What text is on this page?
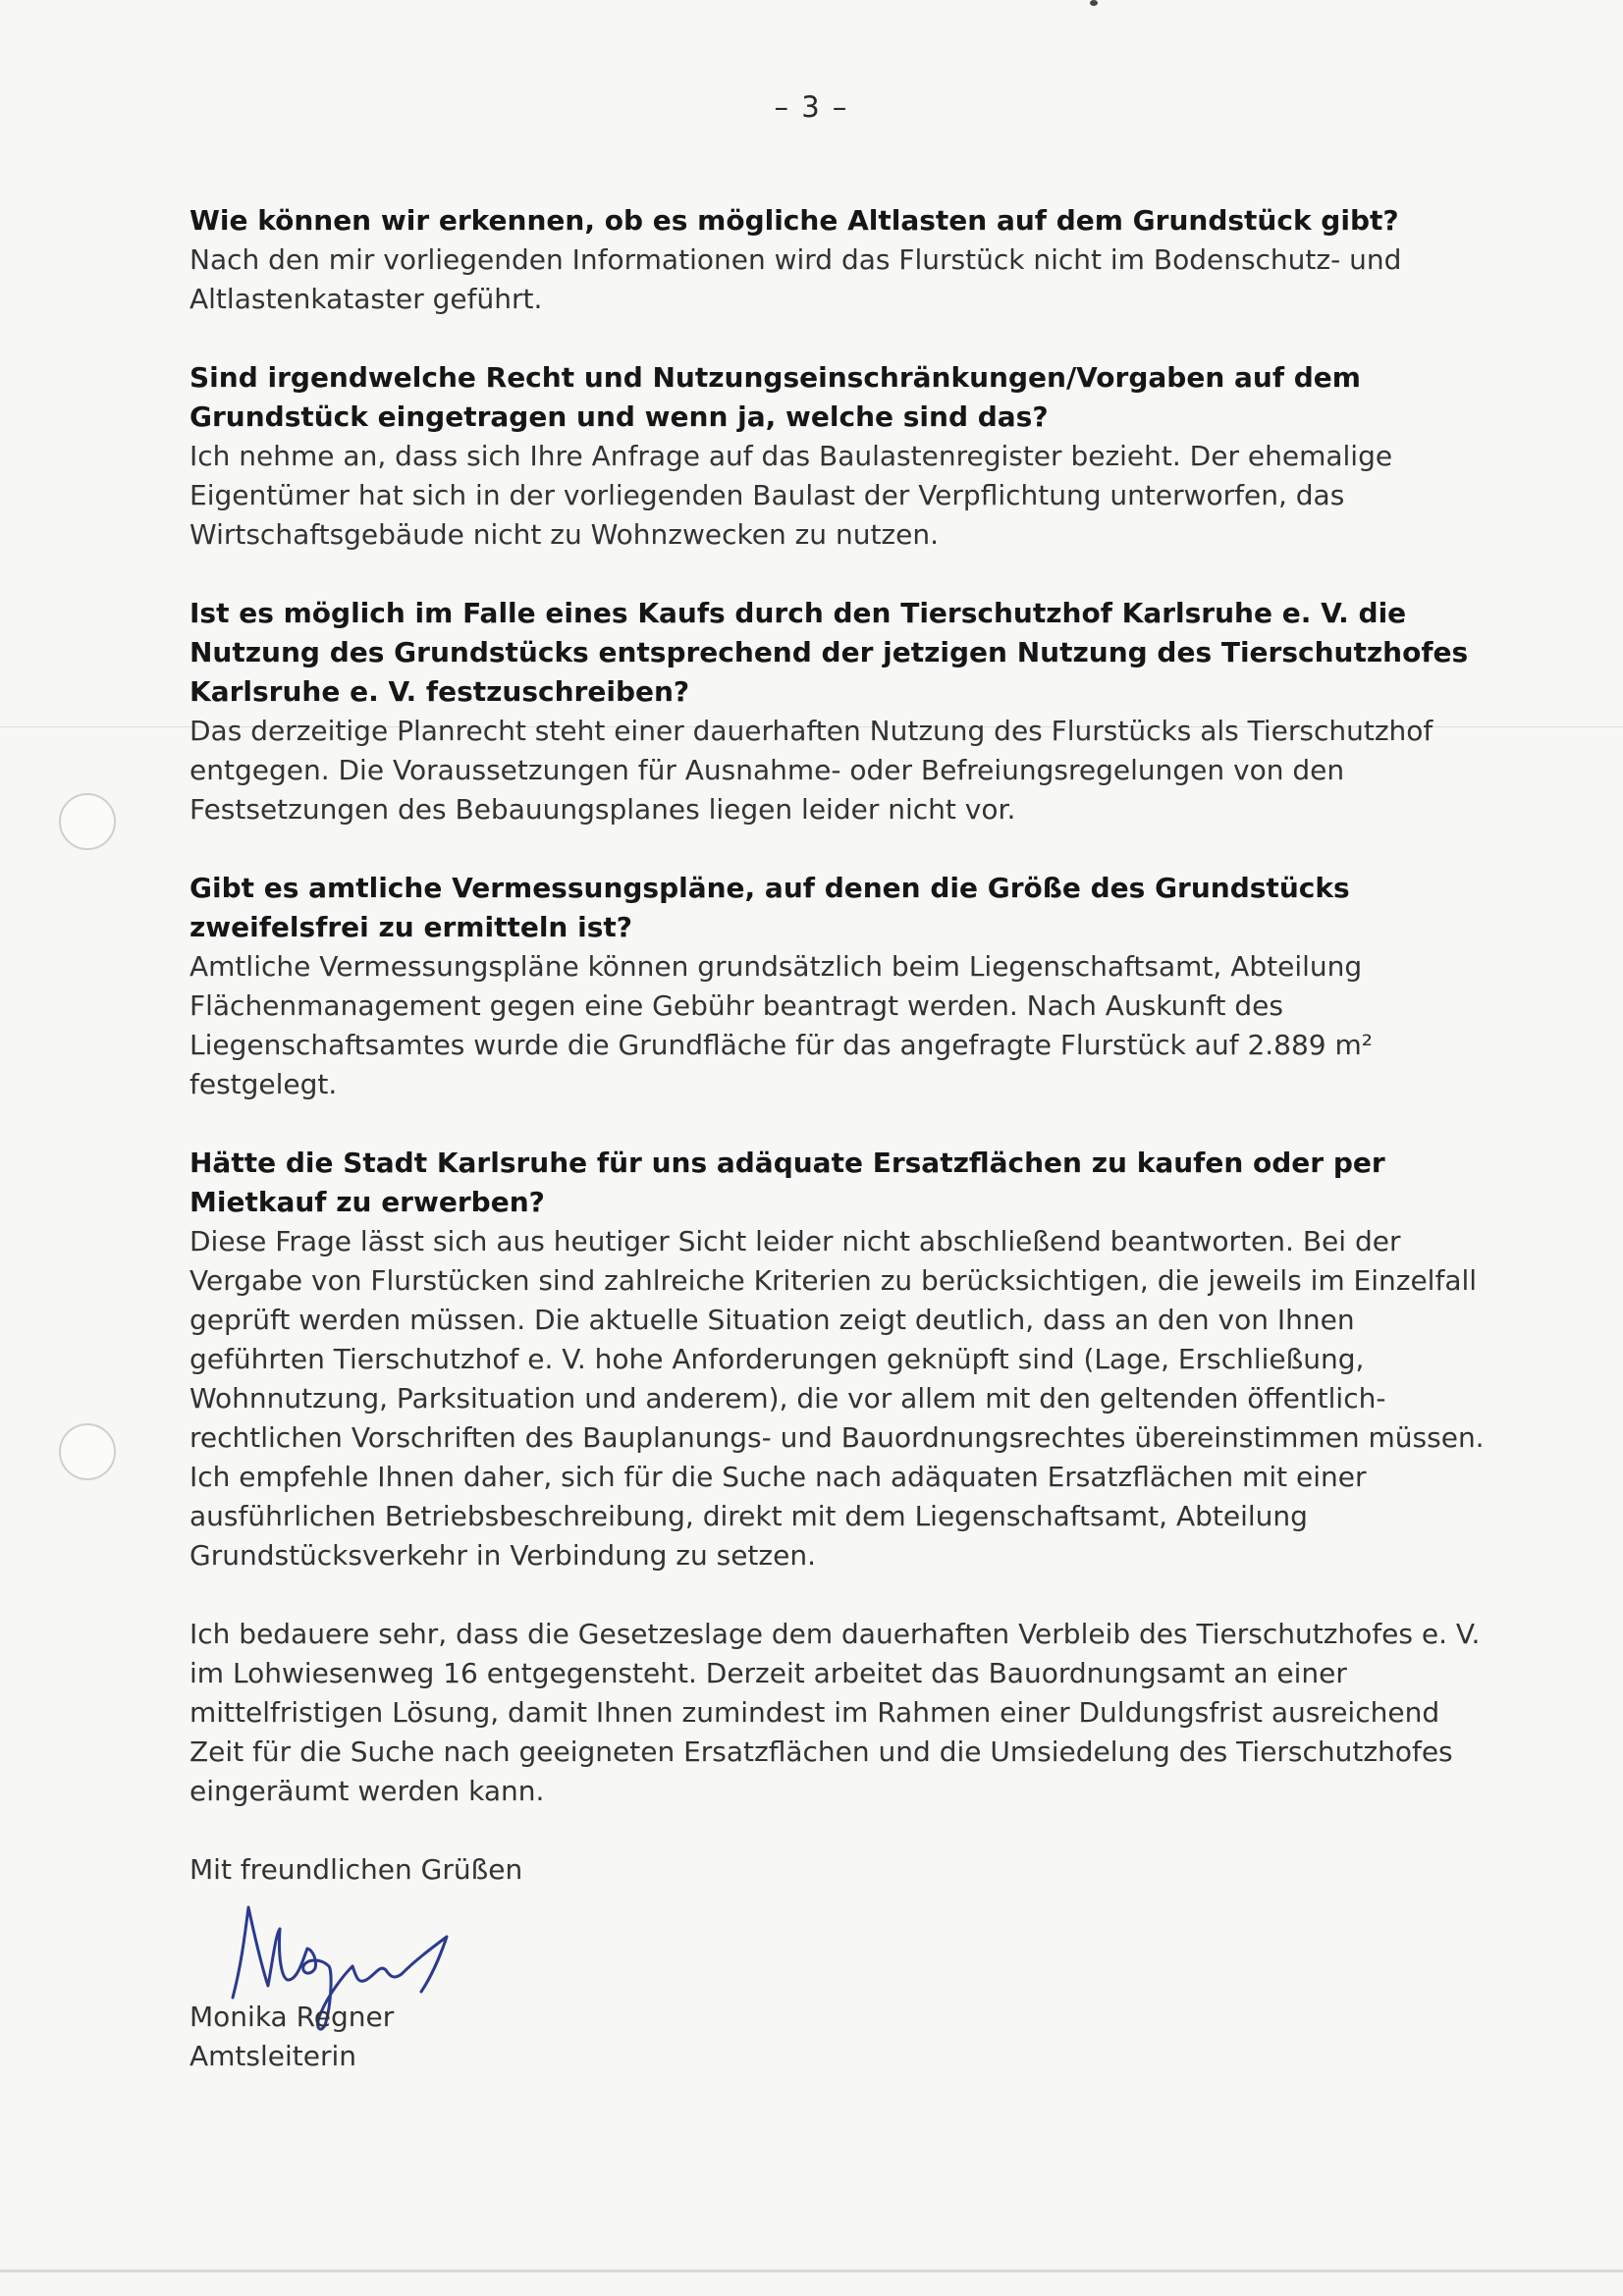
– 3 –

Wie können wir erkennen, ob es mögliche Altlasten auf dem Grundstück gibt?

Nach den mir vorliegenden Informationen wird das Flurstück nicht im Bodenschutz- und Altlastenkataster geführt.

Sind irgendwelche Recht und Nutzungseinschränkungen/Vorgaben auf dem Grundstück eingetragen und wenn ja, welche sind das?

Ich nehme an, dass sich Ihre Anfrage auf das Baulastenregister bezieht. Der ehemalige Eigentümer hat sich in der vorliegenden Baulast der Verpflichtung unterworfen, das Wirtschaftsgebäude nicht zu Wohnzwecken zu nutzen.

Ist es möglich im Falle eines Kaufs durch den Tierschutzhof Karlsruhe e. V. die Nutzung des Grundstücks entsprechend der jetzigen Nutzung des Tierschutzhofes Karlsruhe e. V. festzuschreiben?

Das derzeitige Planrecht steht einer dauerhaften Nutzung des Flurstücks als Tierschutzhof entgegen. Die Voraussetzungen für Ausnahme- oder Befreiungsregelungen von den Festsetzungen des Bebauungsplanes liegen leider nicht vor.

Gibt es amtliche Vermessungspläne, auf denen die Größe des Grundstücks zweifelsfrei zu ermitteln ist?

Amtliche Vermessungspläne können grundsätzlich beim Liegenschaftsamt, Abteilung Flächenmanagement gegen eine Gebühr beantragt werden. Nach Auskunft des Liegenschaftsamtes wurde die Grundfläche für das angefragte Flurstück auf 2.889 m² festgelegt.

Hätte die Stadt Karlsruhe für uns adäquate Ersatzflächen zu kaufen oder per Mietkauf zu erwerben?

Diese Frage lässt sich aus heutiger Sicht leider nicht abschließend beantworten. Bei der Vergabe von Flurstücken sind zahlreiche Kriterien zu berücksichtigen, die jeweils im Einzelfall geprüft werden müssen. Die aktuelle Situation zeigt deutlich, dass an den von Ihnen geführten Tierschutzhof e. V. hohe Anforderungen geknüpft sind (Lage, Erschließung, Wohnnutzung, Parksituation und anderem), die vor allem mit den geltenden öffentlich-rechtlichen Vorschriften des Bauplanungs- und Bauordnungsrechtes übereinstimmen müssen. Ich empfehle Ihnen daher, sich für die Suche nach adäquaten Ersatzflächen mit einer ausführlichen Betriebsbeschreibung, direkt mit dem Liegenschaftsamt, Abteilung Grundstücksverkehr in Verbindung zu setzen.

Ich bedauere sehr, dass die Gesetzeslage dem dauerhaften Verbleib des Tierschutzhofes e. V. im Lohwiesenweg 16 entgegensteht. Derzeit arbeitet das Bauordnungsamt an einer mittelfristigen Lösung, damit Ihnen zumindest im Rahmen einer Duldungsfrist ausreichend Zeit für die Suche nach geeigneten Ersatzflächen und die Umsiedelung des Tierschutzhofes eingeräumt werden kann.

Mit freundlichen Grüßen

Monika Regner
Amtsleiterin
